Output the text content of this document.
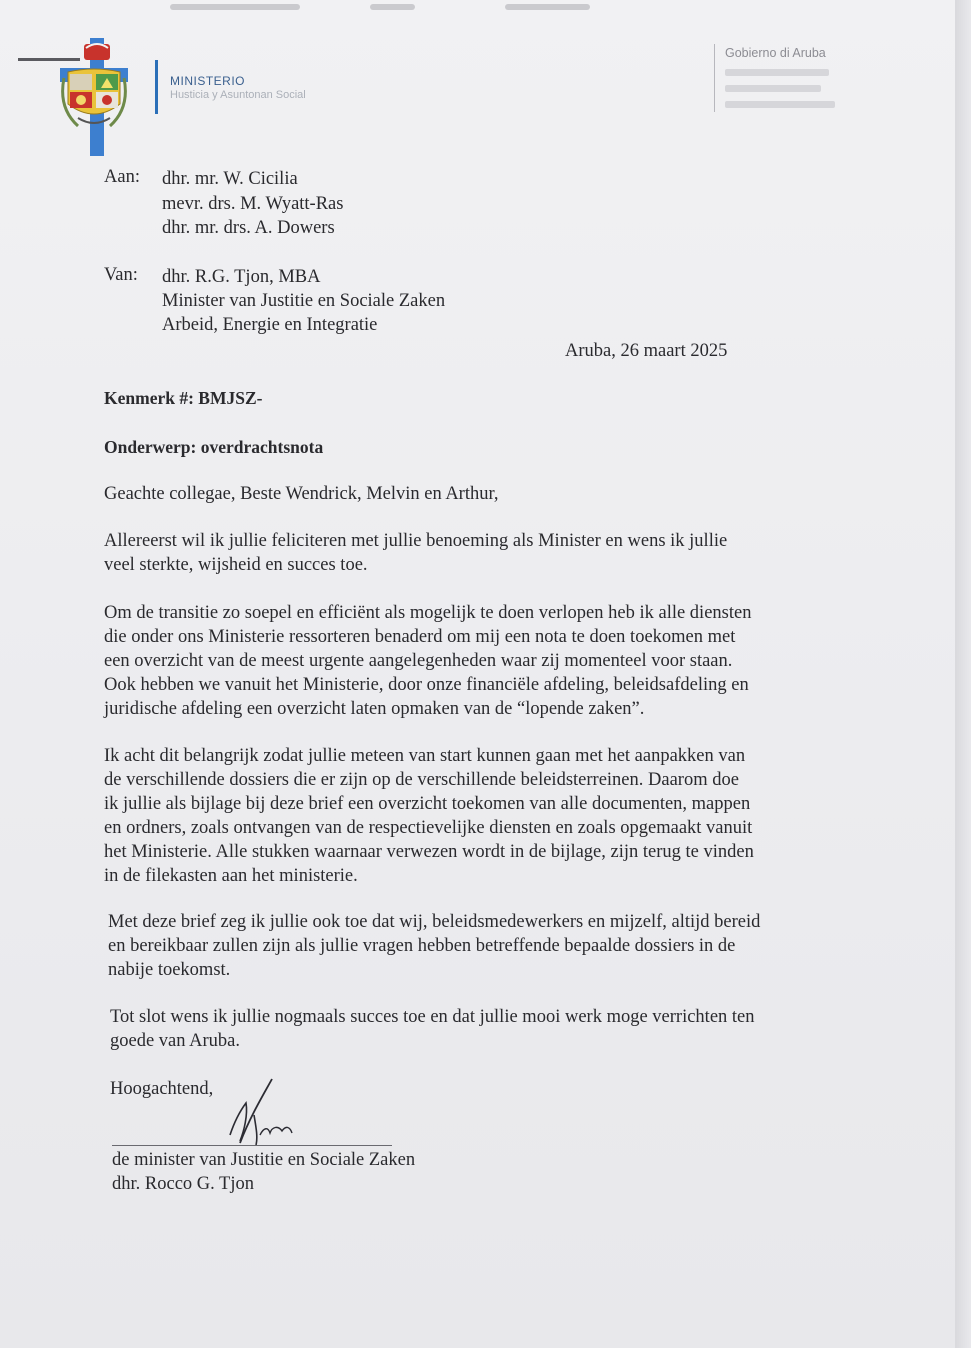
MINISTERIO
Husticia y Asuntonan Social
Gobierno di Aruba
Aan: dhr. mr. W. Cicilia
mevr. drs. M. Wyatt-Ras
dhr. mr. drs. A. Dowers
Van: dhr. R.G. Tjon, MBA
Minister van Justitie en Sociale Zaken
Arbeid, Energie en Integratie
Aruba, 26 maart 2025
Kenmerk #: BMJSZ-
Onderwerp: overdrachtsnota
Geachte collegae, Beste Wendrick, Melvin en Arthur,
Allereerst wil ik jullie feliciteren met jullie benoeming als Minister en wens ik jullie
veel sterkte, wijsheid en succes toe.
Om de transitie zo soepel en efficiënt als mogelijk te doen verlopen heb ik alle diensten
die onder ons Ministerie ressorteren benaderd om mij een nota te doen toekomen met
een overzicht van de meest urgente aangelegenheden waar zij momenteel voor staan.
Ook hebben we vanuit het Ministerie, door onze financiële afdeling, beleidsafdeling en
juridische afdeling een overzicht laten opmaken van de “lopende zaken”.
Ik acht dit belangrijk zodat jullie meteen van start kunnen gaan met het aanpakken van
de verschillende dossiers die er zijn op de verschillende beleidsterreinen. Daarom doe
ik jullie als bijlage bij deze brief een overzicht toekomen van alle documenten, mappen
en ordners, zoals ontvangen van de respectievelijke diensten en zoals opgemaakt vanuit
het Ministerie. Alle stukken waarnaar verwezen wordt in de bijlage, zijn terug te vinden
in de filekasten aan het ministerie.
Met deze brief zeg ik jullie ook toe dat wij, beleidsmedewerkers en mijzelf, altijd bereid
en bereikbaar zullen zijn als jullie vragen hebben betreffende bepaalde dossiers in de
nabije toekomst.
Tot slot wens ik jullie nogmaals succes toe en dat jullie mooi werk moge verrichten ten
goede van Aruba.
Hoogachtend,
de minister van Justitie en Sociale Zaken
dhr. Rocco G. Tjon
